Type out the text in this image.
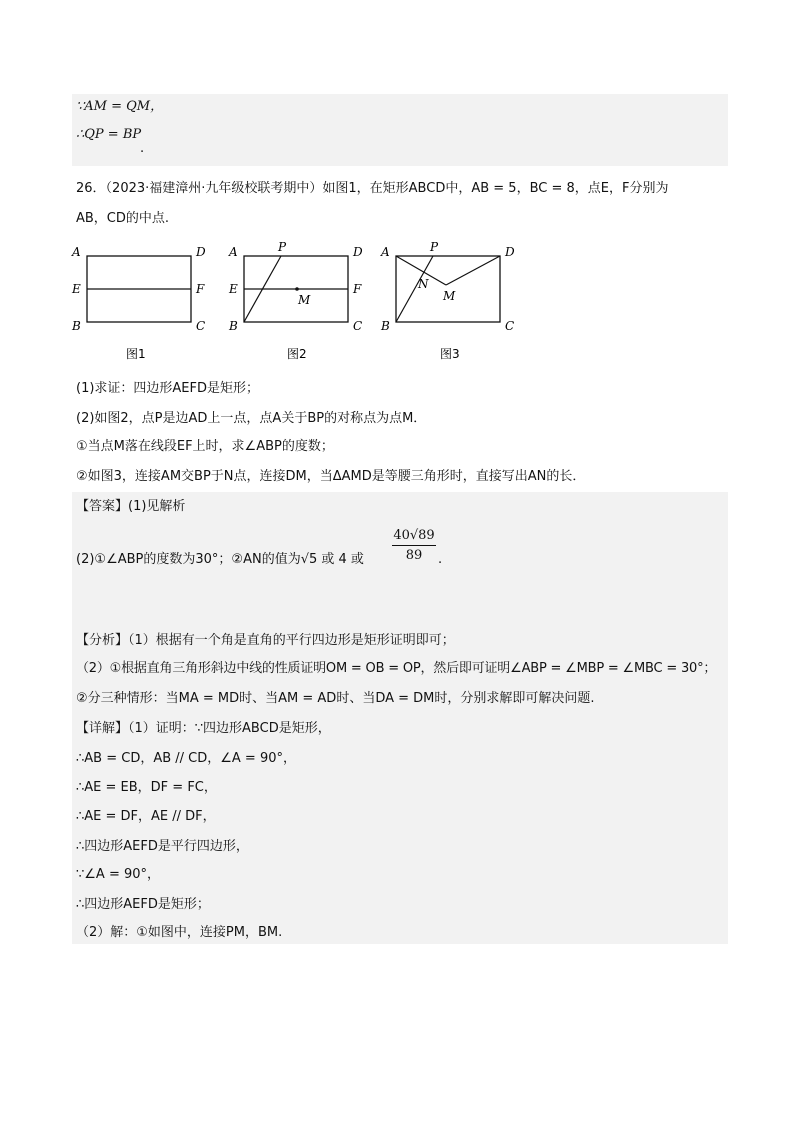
∵AM = QM，
∴QP = BP
.
26．（2023·福建漳州·九年级校联考期中）如图1，在矩形ABCD中，AB = 5，BC = 8，点E，F分别为
AB，CD的中点.
A	D
E	F
B	C
图1
A	P	D
E	F
M
B	C
图2
A	P	D
N
M
B	C
图3
(1)求证：四边形AEFD是矩形；
(2)如图2，点P是边AD上一点，点A关于BP的对称点为点M．
①当点M落在线段EF上时，求∠ABP的度数；
②如图3，连接AM交BP于N点，连接DM，当ΔAMD是等腰三角形时，直接写出AN的长．
【答案】(1)见解析
(2)①∠ABP的度数为30°；②AN的值为√5 或 4 或
40√89
89	.
【分析】（1）根据有一个角是直角的平行四边形是矩形证明即可；
（2）①根据直角三角形斜边中线的性质证明OM = OB = OP，然后即可证明∠ABP = ∠MBP = ∠MBC = 30°；
②分三种情形：当MA = MD时、当AM = AD时、当DA = DM时，分别求解即可解决问题.
【详解】（1）证明：∵四边形ABCD是矩形，
∴AB = CD，AB // CD，∠A = 90°，
∴AE = EB，DF = FC，
∴AE = DF，AE // DF，
∴四边形AEFD是平行四边形，
∵∠A = 90°，
∴四边形AEFD是矩形；
（2）解：①如图中，连接PM，BM.
